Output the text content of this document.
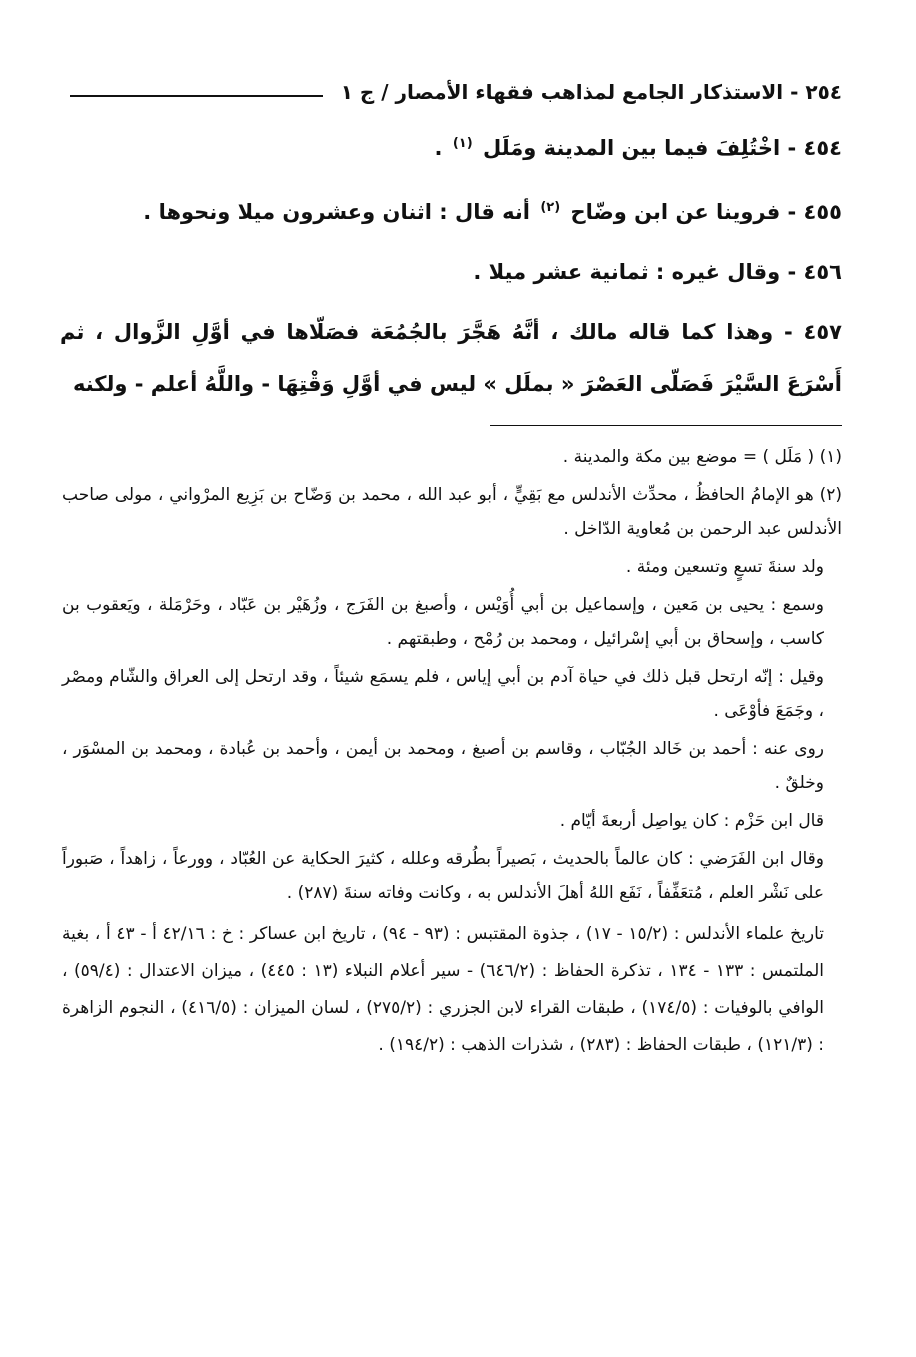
٢٥٤ - الاستذكار الجامع لمذاهب فقهاء الأمصار / ج ١
٤٥٤ - اخْتُلِفَ فيما بين المدينة ومَلَل $^{(١)}$ .
٤٥٥ - فروينا عن ابن وضّاح $^{(٢)}$ أنه قال : اثنان وعشرون ميلا ونحوها .
٤٥٦ - وقال غيره : ثمانية عشر ميلا .
٤٥٧ - وهذا كما قاله مالك ، أنَّهُ هَجَّرَ بالجُمُعَة فصَلّاها في أوَّلِ الزَّوال ، ثم أَسْرَعَ السَّيْرَ فَصَلّى العَصْرَ « بملَل » ليس في أوَّلِ وَقْتِهَا - واللَّهُ أعلم - ولكنه
(١) ( مَلَل ) = موضع بين مكة والمدينة .
(٢) هو الإمامُ الحافظُ ، محدِّث الأندلس مع بَقِيٍّ ، أبو عبد الله ، محمد بن وَضّاح بن بَزِيع المرْواني ، مولى صاحب الأندلس عبد الرحمن بن مُعاوية الدّاخل .
ولد سنةَ تسعٍ وتسعين ومئة .
وسمع : يحيى بن مَعين ، وإسماعيل بن أبي أُوَيْس ، وأصبغ بن الفَرَج ، وزُهَيْر بن عَبّاد ، وحَرْمَلة ، ويَعقوب بن كاسب ، وإسحاق بن أبي إسْرائيل ، ومحمد بن رُمْح ، وطبقتهم .
وقيل : إنّه ارتحل قبل ذلك في حياة آدم بن أبي إياس ، فلم يسمَع شيئاً ، وقد ارتحل إلى العراق والشّام ومصْر ، وجَمَعَ فأوْعَى .
روى عنه : أحمد بن خَالد الجُبّاب ، وقاسم بن أصبغ ، ومحمد بن أيمن ، وأحمد بن عُبادة ، ومحمد بن المسْوَر ، وخلقٌ .
قال ابن حَزْم : كان يواصِل أربعةَ أيّام .
وقال ابن الفَرَضي : كان عالماً بالحديث ، بَصيراً بطُرقه وعلله ، كثيرَ الحكاية عن العُبّاد ، وورعاً ، زاهداً ، صَبوراً على نَشْر العلم ، مُتعَفِّفاً ، نَفَع اللهُ أهلَ الأندلس به ، وكانت وفاته سنةَ (٢٨٧) .
تاريخ علماء الأندلس : (١٥/٢ - ١٧) ، جذوة المقتبس : (٩٣ - ٩٤) ، تاريخ ابن عساكر : خ : ٤٢/١٦ أ - ٤٣ أ ، بغية الملتمس : ١٣٣ - ١٣٤ ، تذكرة الحفاظ : (٦٤٦/٢) - سير أعلام النبلاء (١٣ : ٤٤٥) ، ميزان الاعتدال : (٥٩/٤) ، الوافي بالوفيات : (١٧٤/٥) ، طبقات القراء لابن الجزري : (٢٧٥/٢) ، لسان الميزان : (٤١٦/٥) ، النجوم الزاهرة : (١٢١/٣) ، طبقات الحفاظ : (٢٨٣) ، شذرات الذهب : (١٩٤/٢) .
